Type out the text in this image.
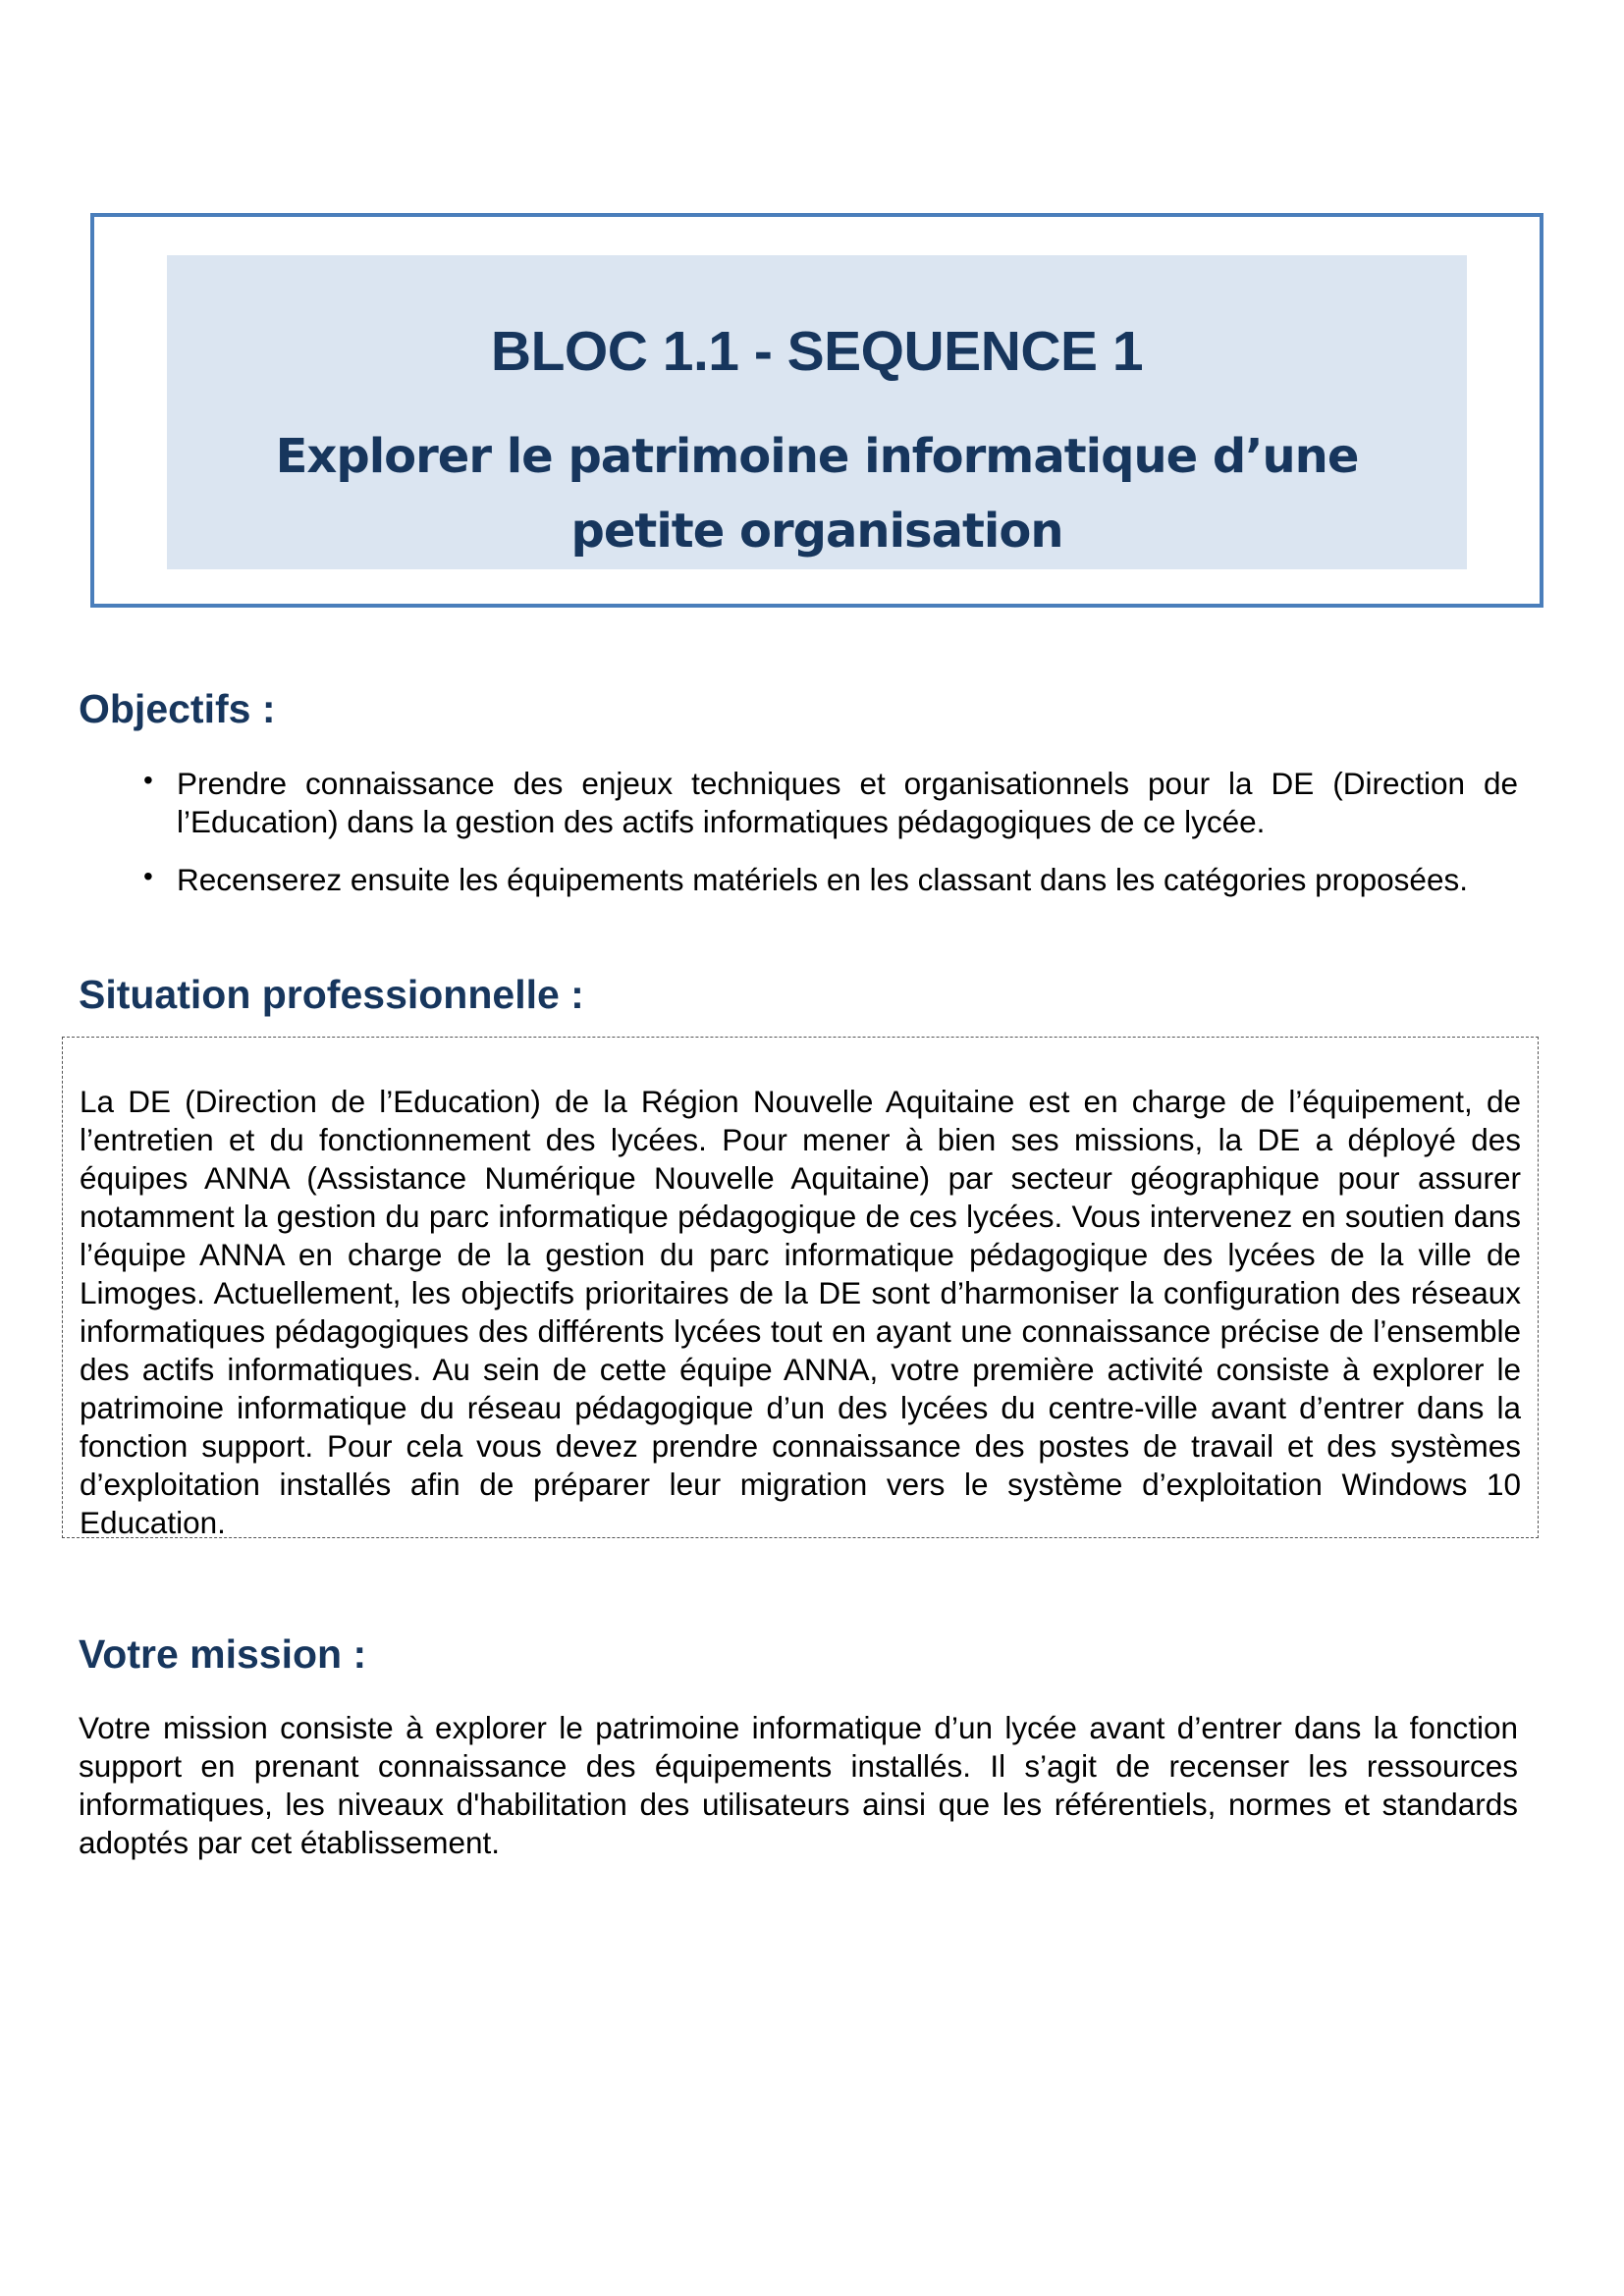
BLOC 1.1 - SEQUENCE 1
Explorer le patrimoine informatique d’une petite organisation
Objectifs :
• Prendre connaissance des enjeux techniques et organisationnels pour la DE (Direction de l’Education) dans la gestion des actifs informatiques pédagogiques de ce lycée.

• Recenserez ensuite les équipements matériels en les classant dans les catégories proposées.

Situation professionnelle :

La DE (Direction de l’Education) de la Région Nouvelle Aquitaine est en charge de l’équipement, de l’entretien et du fonctionnement des lycées. Pour mener à bien ses missions, la DE a déployé des équipes ANNA (Assistance Numérique Nouvelle Aquitaine) par secteur géographique pour assurer notamment la gestion du parc informatique pédagogique de ces lycées. Vous intervenez en soutien dans l’équipe ANNA en charge de la gestion du parc informatique pédagogique des lycées de la ville de Limoges. Actuellement, les objectifs prioritaires de la DE sont d’harmoniser la configuration des réseaux informatiques pédagogiques des différents lycées tout en ayant une connaissance précise de l’ensemble des actifs informatiques. Au sein de cette équipe ANNA, votre première activité consiste à explorer le patrimoine informatique du réseau pédagogique d’un des lycées du centre-ville avant d’entrer dans la fonction support. Pour cela vous devez prendre connaissance des postes de travail et des systèmes d’exploitation installés afin de préparer leur migration vers le système d’exploitation Windows 10 Education.

Votre mission :

Votre mission consiste à explorer le patrimoine informatique d’un lycée avant d’entrer dans la fonction support en prenant connaissance des équipements installés. Il s’agit de recenser les ressources informatiques, les niveaux d'habilitation des utilisateurs ainsi que les référentiels, normes et standards adoptés par cet établissement.
